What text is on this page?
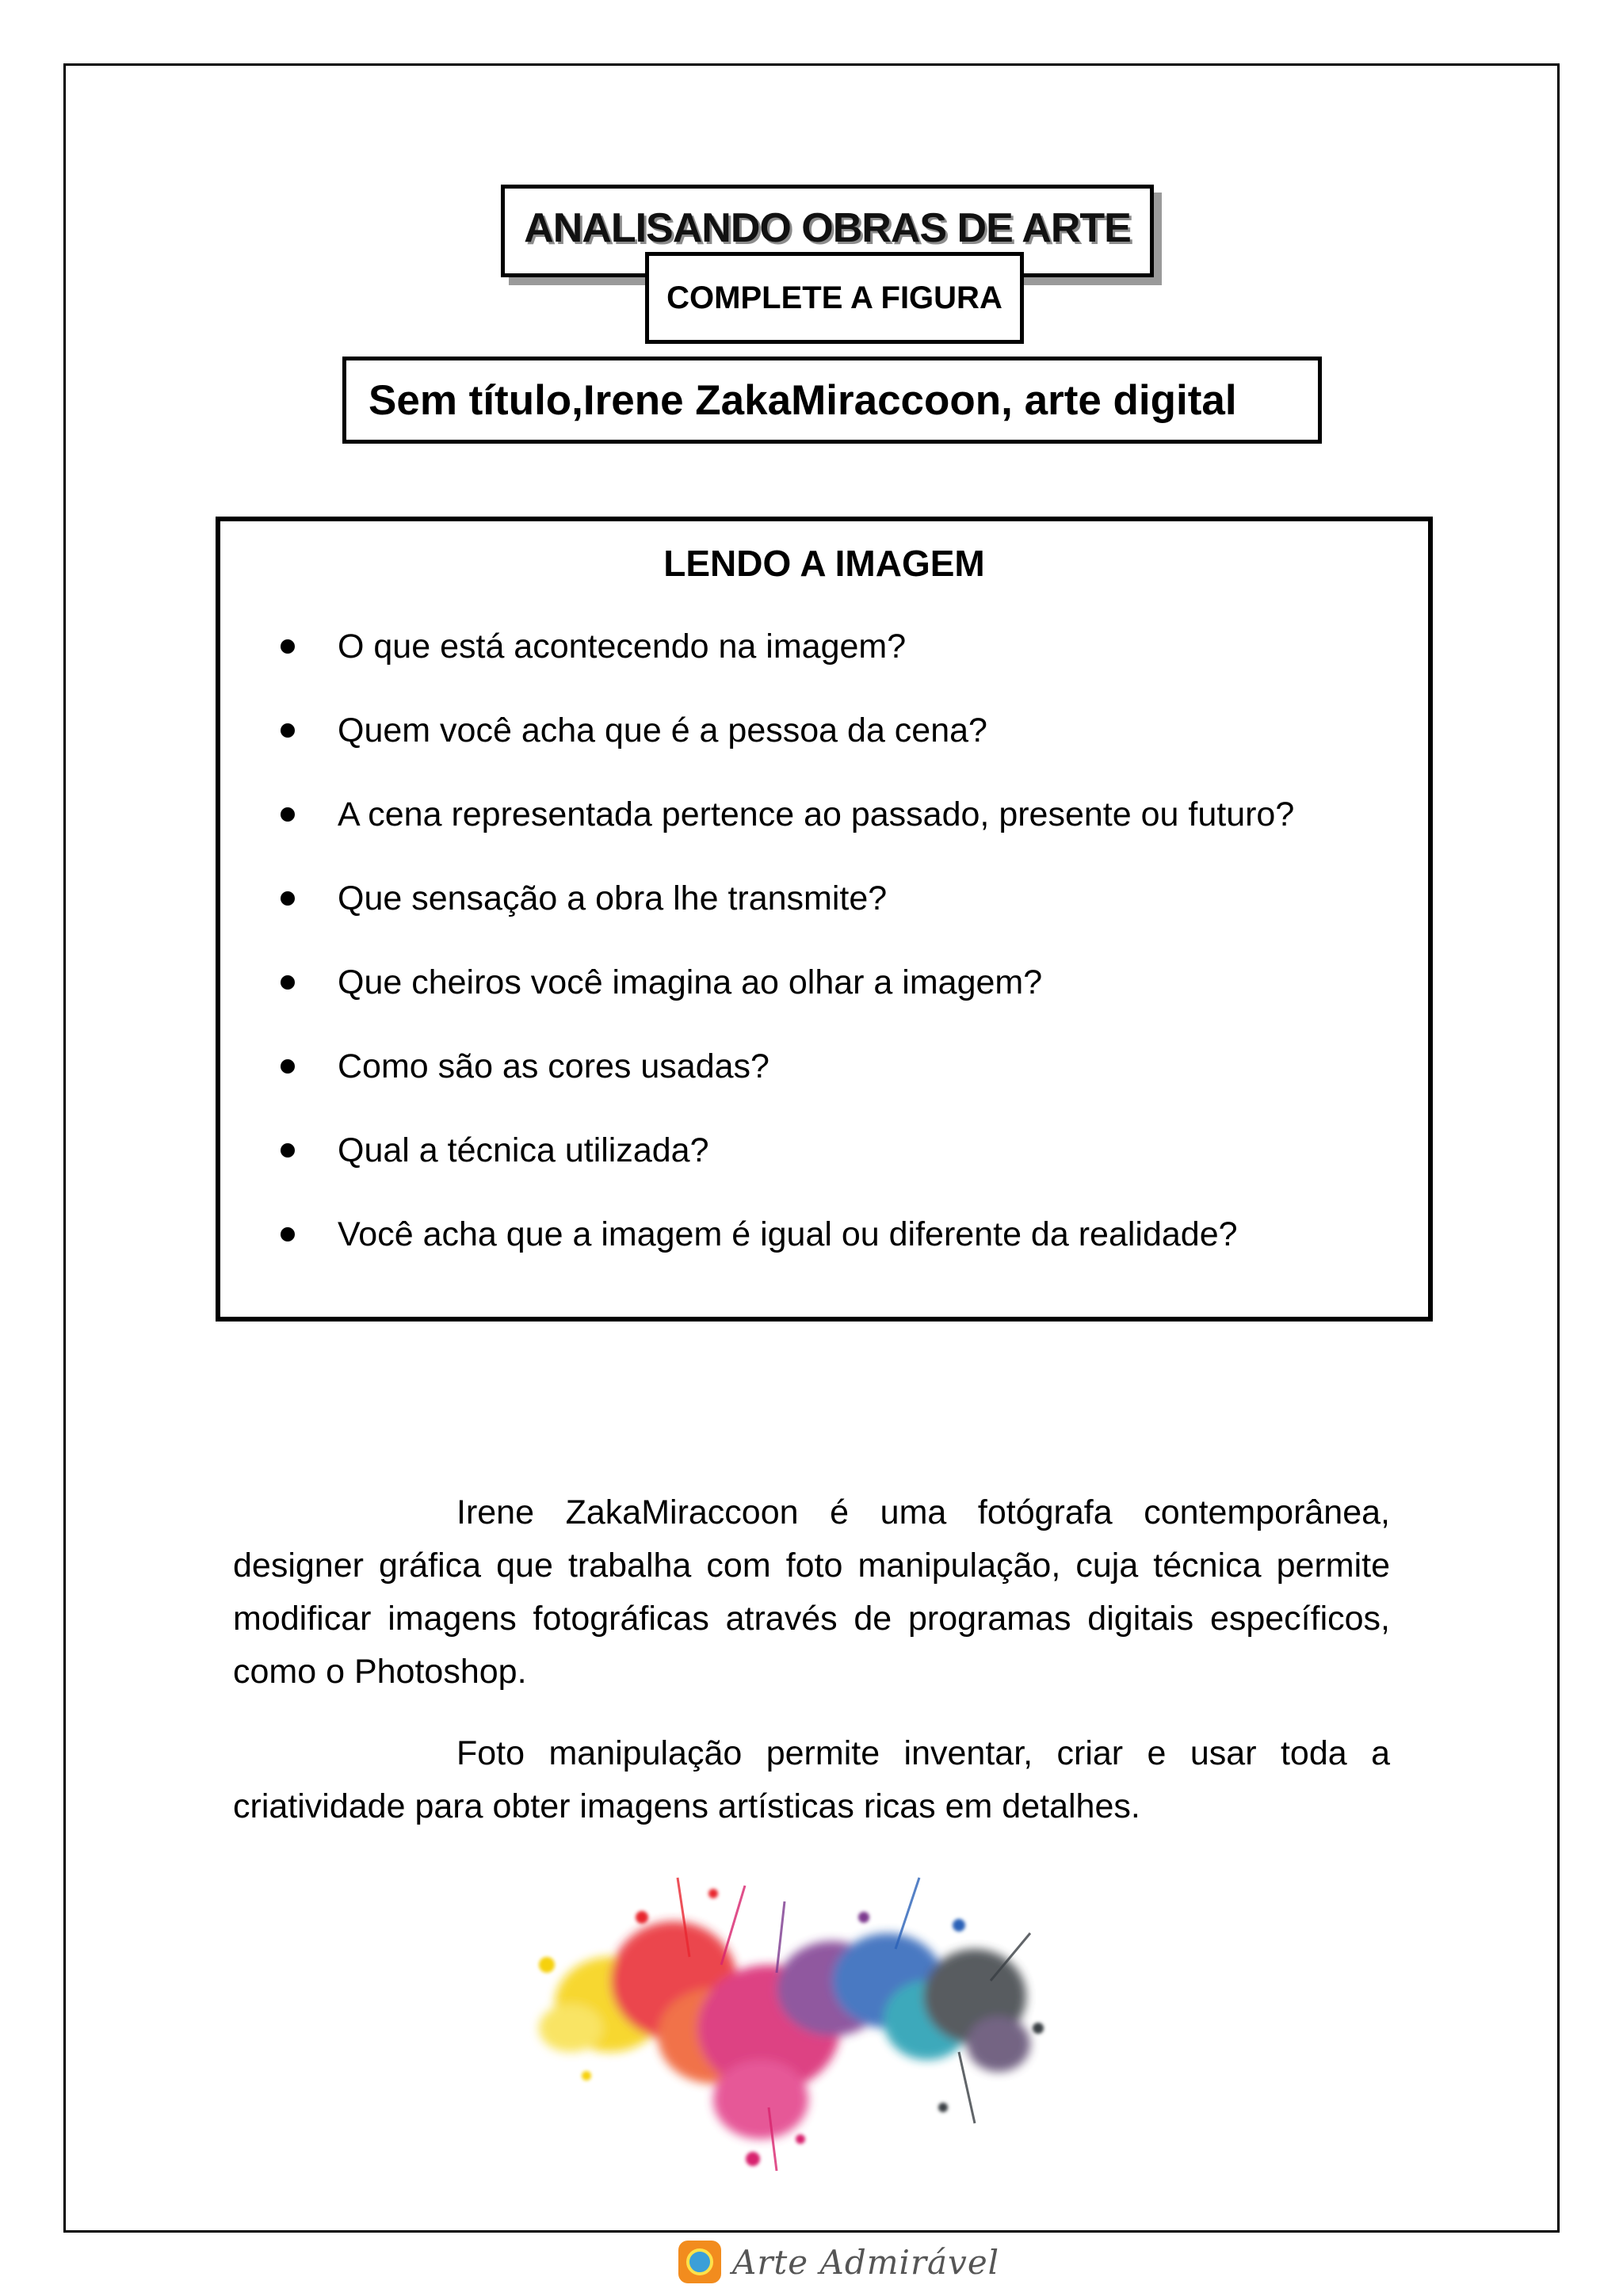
ANALISANDO OBRAS DE ARTE
COMPLETE A FIGURA
Sem título,Irene ZakaMiraccoon, arte digital
LENDO A IMAGEM
O que está acontecendo na imagem?
Quem você acha que é a pessoa da cena?
A cena representada pertence ao passado, presente ou futuro?
Que sensação a obra lhe transmite?
Que cheiros você imagina ao olhar a imagem?
Como são as cores usadas?
Qual a técnica utilizada?
Você acha que a imagem é igual ou diferente da realidade?

Irene ZakaMiraccoon é uma fotógrafa contemporânea, designer gráfica que trabalha com foto manipulação, cuja técnica permite modificar imagens fotográficas através de programas digitais específicos, como o Photoshop.

Foto manipulação permite inventar, criar e usar toda a criatividade para obter imagens artísticas ricas em detalhes.

Arte Admirável
